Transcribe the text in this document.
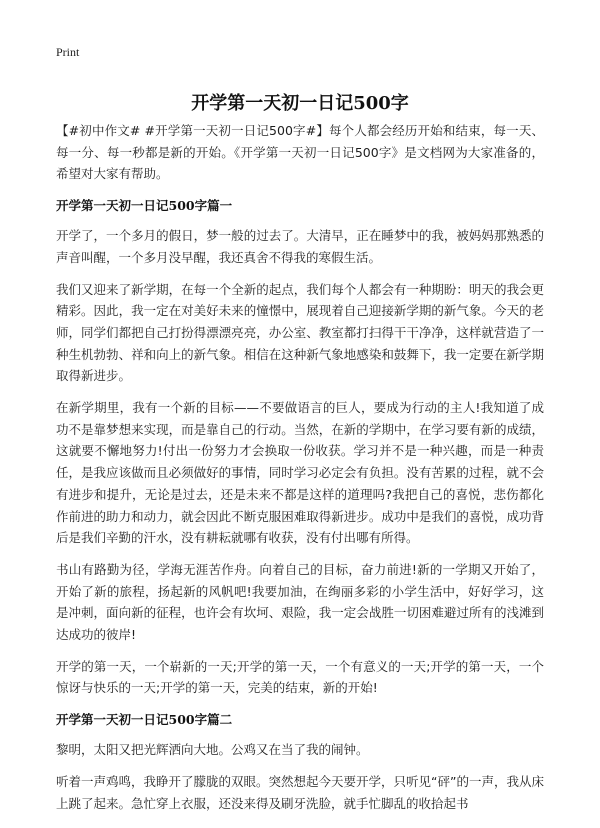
Print
开学第一天初一日记500字

【#初中作文# #开学第一天初一日记500字#】每个人都会经历开始和结束，每一天、每一分、每一秒都是新的开始。《开学第一天初一日记500字》是文档网为大家准备的，希望对大家有帮助。

开学第一天初一日记500字篇一

开学了，一个多月的假日，梦一般的过去了。大清早，正在睡梦中的我，被妈妈那熟悉的声音叫醒，一个多月没早醒，我还真舍不得我的寒假生活。

我们又迎来了新学期，在每一个全新的起点，我们每个人都会有一种期盼：明天的我会更精彩。因此，我一定在对美好未来的憧憬中，展现着自己迎接新学期的新气象。今天的老师，同学们都把自己打扮得漂漂亮亮，办公室、教室都打扫得干干净净，这样就营造了一种生机勃勃、祥和向上的新气象。相信在这种新气象地感染和鼓舞下，我一定要在新学期取得新进步。

在新学期里，我有一个新的目标——不要做语言的巨人，要成为行动的主人!我知道了成功不是靠梦想来实现，而是靠自己的行动。当然，在新的学期中，在学习要有新的成绩，这就要不懈地努力!付出一份努力才会换取一份收获。学习并不是一种兴趣，而是一种责任，是我应该做而且必须做好的事情，同时学习必定会有负担。没有苦累的过程，就不会有进步和提升，无论是过去，还是未来不都是这样的道理吗?我把自己的喜悦，悲伤都化作前进的助力和动力，就会因此不断克服困难取得新进步。成功中是我们的喜悦，成功背后是我们辛勤的汗水，没有耕耘就哪有收获，没有付出哪有所得。

书山有路勤为径，学海无涯苦作舟。向着自己的目标，奋力前进!新的一学期又开始了，开始了新的旅程，扬起新的风帆吧!我要加油，在绚丽多彩的小学生活中，好好学习，这是冲刺，面向新的征程，也许会有坎坷、艰险，我一定会战胜一切困难避过所有的浅滩到达成功的彼岸!

开学的第一天，一个崭新的一天;开学的第一天，一个有意义的一天;开学的第一天，一个惊讶与快乐的一天;开学的第一天，完美的结束，新的开始!

开学第一天初一日记500字篇二

黎明，太阳又把光辉洒向大地。公鸡又在当了我的闹钟。

听着一声鸡鸣，我睁开了朦胧的双眼。突然想起今天要开学，只听见“砰”的一声，我从床上跳了起来。急忙穿上衣服，还没来得及刷牙洗脸，就手忙脚乱的收拾起书
